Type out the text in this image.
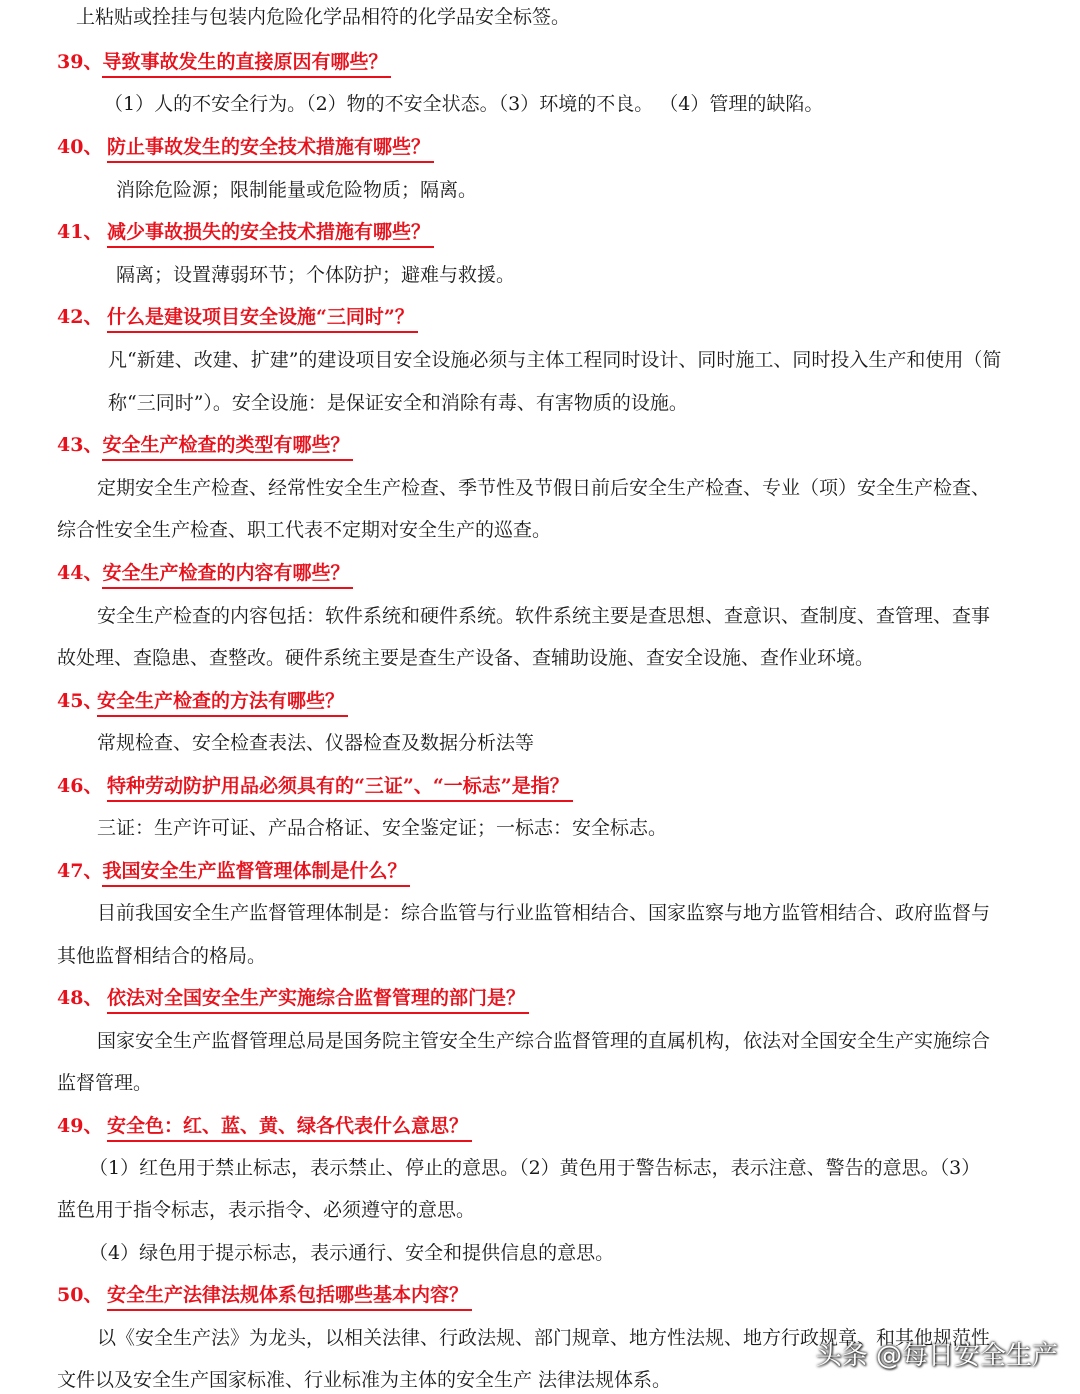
上粘贴或拴挂与包装内危险化学品相符的化学品安全标签。
39、导致事故发生的直接原因有哪些？
（1）人的不安全行为。（2）物的不安全状态。（3）环境的不良。 （4）管理的缺陷。
40、 防止事故发生的安全技术措施有哪些？
消除危险源；限制能量或危险物质；隔离。
41、 减少事故损失的安全技术措施有哪些？
隔离；设置薄弱环节；个体防护；避难与救援。
42、 什么是建设项目安全设施“三同时”？
凡“新建、改建、扩建”的建设项目安全设施必须与主体工程同时设计、同时施工、同时投入生产和使用（简
称“三同时”）。安全设施：是保证安全和消除有毒、有害物质的设施。
43、安全生产检查的类型有哪些？
定期安全生产检查、经常性安全生产检查、季节性及节假日前后安全生产检查、专业（项）安全生产检查、
综合性安全生产检查、职工代表不定期对安全生产的巡查。
44、安全生产检查的内容有哪些？
安全生产检查的内容包括：软件系统和硬件系统。软件系统主要是查思想、查意识、查制度、查管理、查事
故处理、查隐患、查整改。硬件系统主要是查生产设备、查辅助设施、查安全设施、查作业环境。
45、安全生产检查的方法有哪些？
常规检查、安全检查表法、仪器检查及数据分析法等
46、 特种劳动防护用品必须具有的“三证”、“一标志”是指？
三证：生产许可证、产品合格证、安全鉴定证；一标志：安全标志。
47、我国安全生产监督管理体制是什么？
目前我国安全生产监督管理体制是：综合监管与行业监管相结合、国家监察与地方监管相结合、政府监督与
其他监督相结合的格局。
48、 依法对全国安全生产实施综合监督管理的部门是？
国家安全生产监督管理总局是国务院主管安全生产综合监督管理的直属机构，依法对全国安全生产实施综合
监督管理。
49、 安全色：红、蓝、黄、绿各代表什么意思？
（1）红色用于禁止标志，表示禁止、停止的意思。（2）黄色用于警告标志，表示注意、警告的意思。（3）
蓝色用于指令标志，表示指令、必须遵守的意思。
（4）绿色用于提示标志，表示通行、安全和提供信息的意思。
50、 安全生产法律法规体系包括哪些基本内容？
以《安全生产法》为龙头，以相关法律、行政法规、部门规章、地方性法规、地方行政规章、和其他规范性
文件以及安全生产国家标准、行业标准为主体的安全生产 法律法规体系。
头条 @每日安全生产
